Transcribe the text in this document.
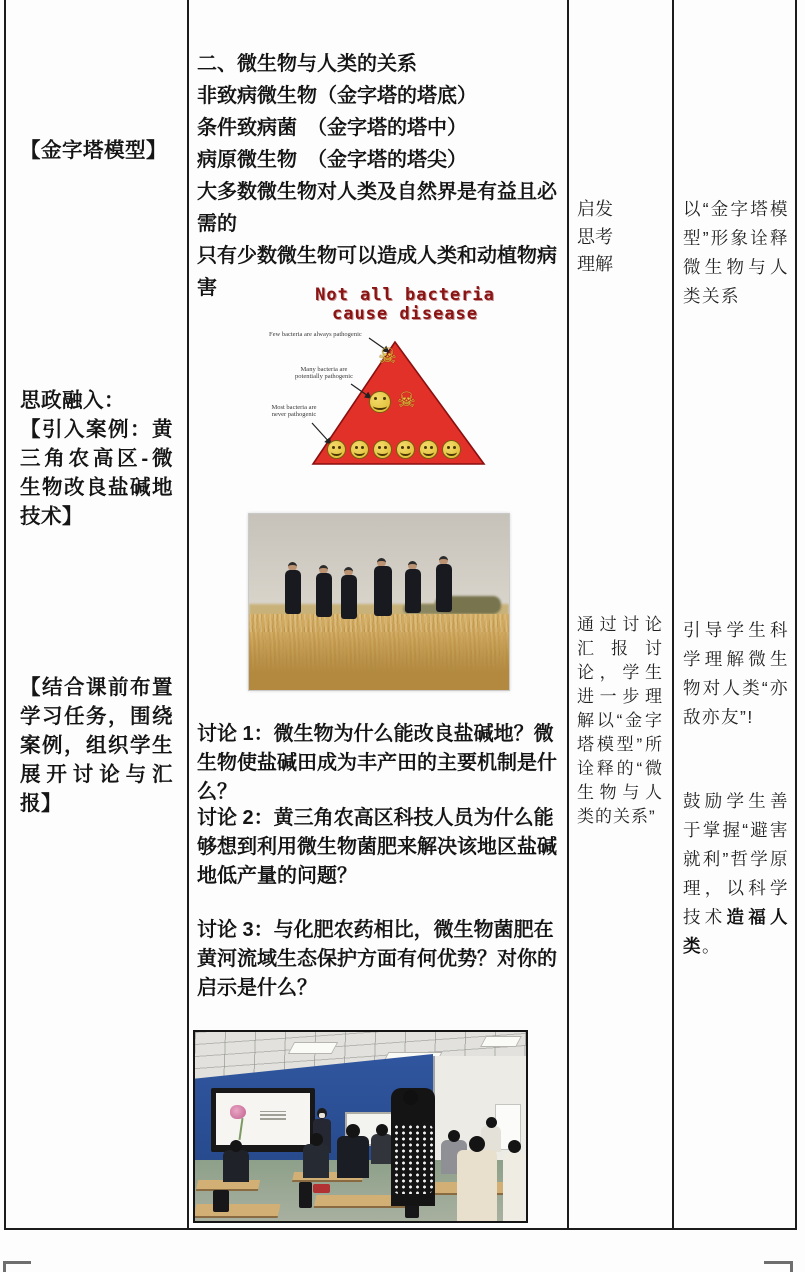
【金字塔模型】
思政融入：
【引入案例：黄三角农高区-微生物改良盐碱地技术】
【结合课前布置学习任务，围绕案例，组织学生展开讨论与汇报】
二、微生物与人类的关系
非致病微生物（金字塔的塔底）
条件致病菌　（金字塔的塔中）
病原微生物　（金字塔的塔尖）
大多数微生物对人类及自然界是有益且必需的
只有少数微生物可以造成人类和动植物病害	Not all bacteria
cause disease
Few bacteria are always pathogenic
Many bacteria are
potentially pathogenic
Most bacteria are
never pathogenic
☠
☠
讨论 1：微生物为什么能改良盐碱地？微生物使盐碱田成为丰产田的主要机制是什么？
讨论 2：黄三角农高区科技人员为什么能够想到利用微生物菌肥来解决该地区盐碱地低产量的问题？
讨论 3：与化肥农药相比，微生物菌肥在黄河流域生态保护方面有何优势？对你的启示是什么？
启发
思考
理解
通过讨论汇报讨论，学生进一步理解以“金字塔模型”所诠释的“微生物与人类的关系”
以“金字塔模型”形象诠释微生物与人类关系
引导学生科学理解微生物对人类“亦敌亦友”!
鼓励学生善于掌握“避害就利”哲学原理，以科学技术造福人类。
